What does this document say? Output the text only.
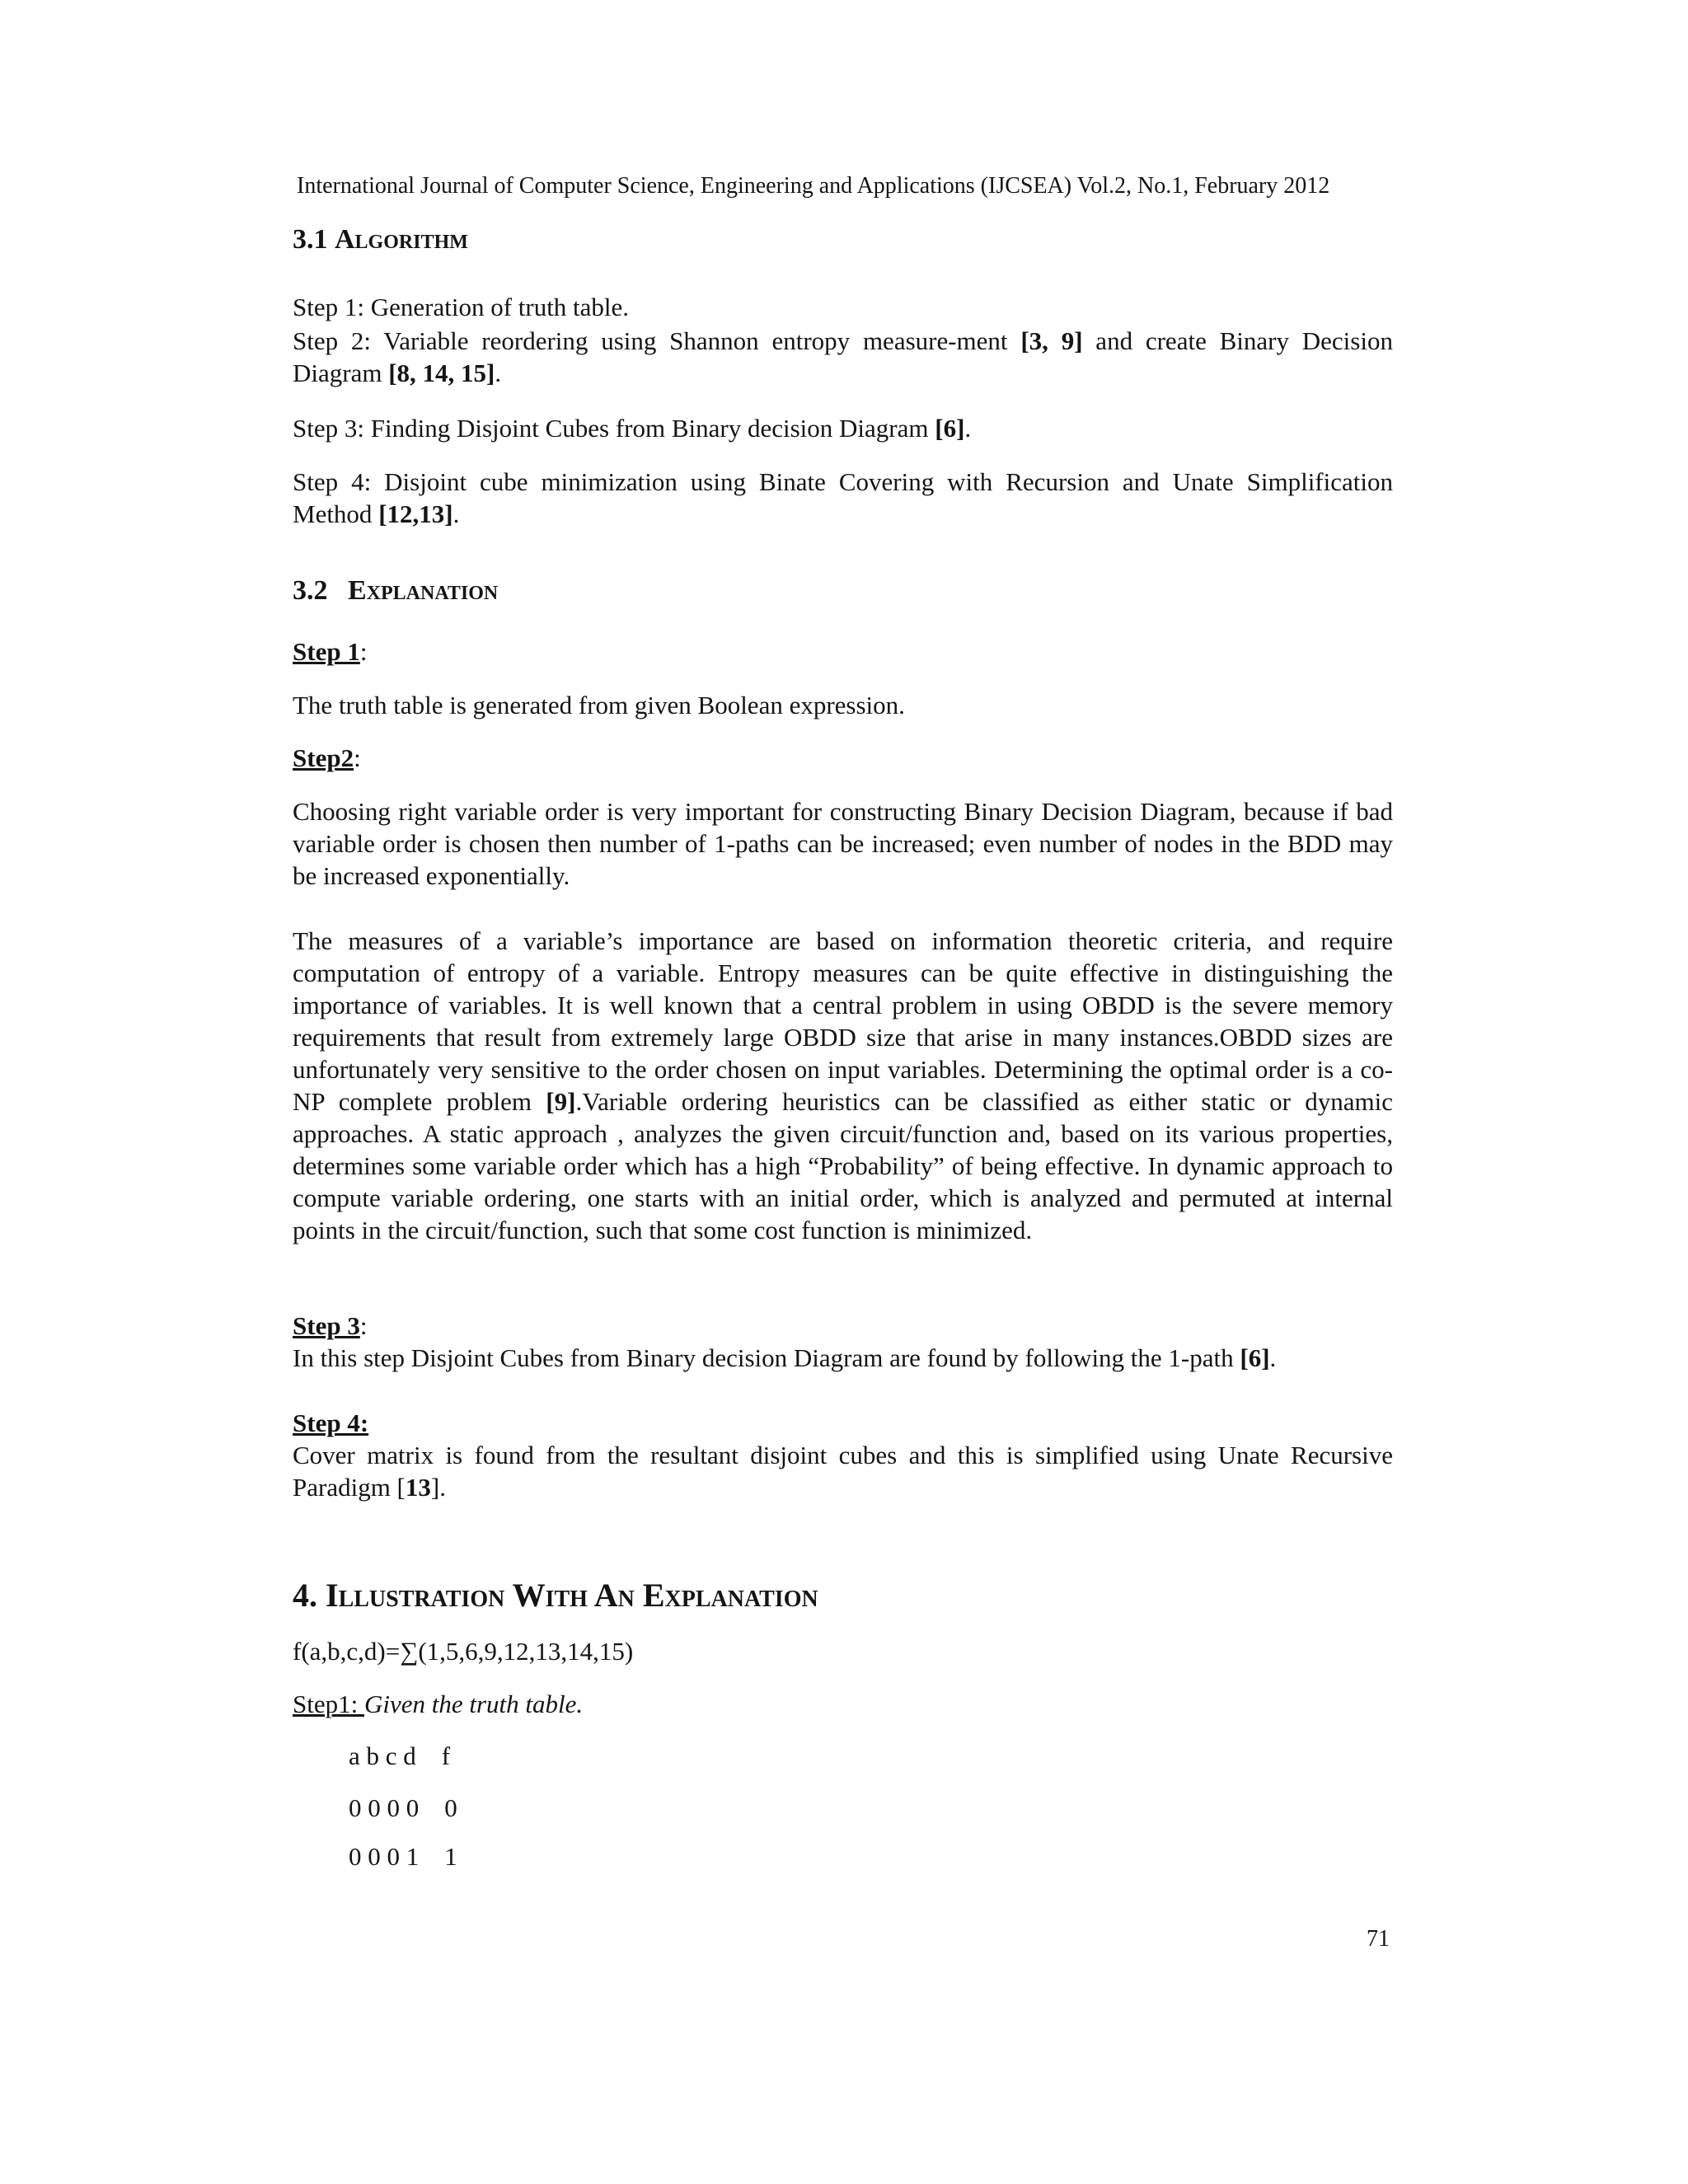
International Journal of Computer Science, Engineering and Applications (IJCSEA) Vol.2, No.1, February 2012
3.1 Algorithm
Step 1: Generation of truth table.
Step 2: Variable reordering using Shannon entropy measure-ment [3, 9] and create Binary Decision Diagram [8, 14, 15].
Step 3: Finding Disjoint Cubes from Binary decision Diagram [6].
Step 4: Disjoint cube minimization using Binate Covering with Recursion and Unate Simplification Method [12,13].
3.2 Explanation
Step 1:
The truth table is generated from given Boolean expression.
Step2:
Choosing right variable order is very important for constructing Binary Decision Diagram, because if bad variable order is chosen then number of 1-paths can be increased; even number of nodes in the BDD may be increased exponentially.
The measures of a variable’s importance are based on information theoretic criteria, and require computation of entropy of a variable. Entropy measures can be quite effective in distinguishing the importance of variables. It is well known that a central problem in using OBDD is the severe memory requirements that result from extremely large OBDD size that arise in many instances.OBDD sizes are unfortunately very sensitive to the order chosen on input variables. Determining the optimal order is a co-NP complete problem [9].Variable ordering heuristics can be classified as either static or dynamic approaches. A static approach , analyzes the given circuit/function and, based on its various properties, determines some variable order which has a high “Probability” of being effective. In dynamic approach to compute variable ordering, one starts with an initial order, which is analyzed and permuted at internal points in the circuit/function, such that some cost function is minimized.
Step 3:
In this step Disjoint Cubes from Binary decision Diagram are found by following the 1-path [6].
Step 4:
Cover matrix is found from the resultant disjoint cubes and this is simplified using Unate Recursive Paradigm [13].
4. Illustration With An Explanation
f(a,b,c,d)=∑(1,5,6,9,12,13,14,15)
Step1: Given the truth table.
a b c d    f
0 0 0 0    0
0 0 0 1    1
71
